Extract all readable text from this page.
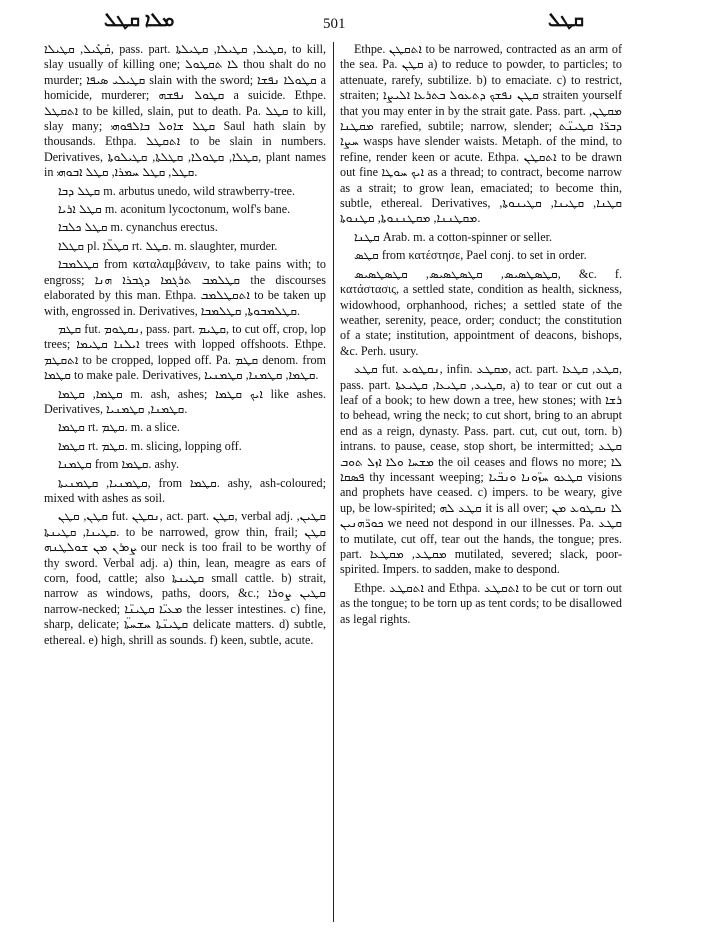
ܡܠܐ ܩܛܠ	501	ܩܛܠ

ܩܰܛܺܝܠ, ܩܛܝܠܐ, pass. part. ܩܛܝܠ, ܩܛܝܠܐ, ܩܛܝܠܬܐ, to kill, slay usually of killing one; ܠܐ ܬܩܛܘܠ thou shalt do no murder; ܩܛܝܠܝ ܣܝܦܐ slain with the sword; ܩܛܘܠܐ ܢܦܫܐ a homicide, murderer; ܩܛܘܠ ܢܦܫܗ a suicide. Ethpe. ܐܬܩܛܠ to be killed, slain, put to death. Pa. ܩܛܠ to kill, slay many; ܩܛܠ ܫܐܘܠ ܒܐܠܦܘܗܝ Saul hath slain by thousands. Ethpa. ܐܬܩܛܠ to be slain in numbers. Derivatives, ܩܛܠܐ, ܩܛܘܠܐ, ܩܛܠܬܐ, ܩܛܝܠܘܬܐ, plant names in ܩܛܠ, ܩܛܠ ܚܡܪܐ, ܩܛܠ ܐܒܘܗܝ.

ܩܛܠ ܕܒܐ m. arbutus unedo, wild strawberry-tree.

ܩܛܠ ܐܪܝܐ m. aconitum lycoctonum, wolf's bane.

ܩܛܠ ܟܠܒܐ m. cynanchus erectus.

ܩܛܠܐ pl. ܩܛܠ̈ܐ rt. ܩܛܠ. m. slaughter, murder.

ܩܛܠܡܒܐ from καταλαμβάνειν, to take pains with; to engross; ܩܛܠܡܒ ܬܪܓܡܐ ܕܓܒܪܐ ܗܢܐ the discourses elaborated by this man. Ethpa. ܐܬܩܛܠܡܒ to be taken up with, engrossed in. Derivatives, ܩܛܠܡܒܘܬܐ, ܩܛܠܡܒܐ.

ܩܛܡ fut. ܢܩܛܘܡ, pass. part. ܩܛܝܡ, to cut off, crop, lop trees; ܐܝܠܢܐ ܩܛܝܡܐ trees with lopped offshoots. Ethpe. ܐܬܩܛܡ to be cropped, lopped off. Pa. ܩܛܡ denom. from ܩܛܡܐ to make pale. Derivatives, ܩܛܡܐ, ܩܛܡܢܐ, ܩܛܡܢܝܐ.

ܩܛܡܐ, ܩܛܡܐ m. ash, ashes; ܐܝܟ ܩܛܡܐ like ashes. Derivatives, ܩܛܡܢܐ, ܩܛܡܢܝܐ.

ܩܛܡܐ rt. ܩܛܡ. m. a slice.

ܩܛܡܐ rt. ܩܛܡ. m. slicing, lopping off.

ܩܛܡܢܐ from ܩܛܡܐ. ashy.

ܩܛܡܢܝܐ, ܩܛܡܢܝܬܐ, from ܩܛܡܐ. ashy, ash-coloured; mixed with ashes as soil.

ܩܛܢ, ܩܛܢ fut. ܢܩܛܢ, act. part. ܩܛܢ, verbal adj. ܩܛܝܢ, ܩܛܝܢܐ, ܩܛܝܢܬܐ. to be narrowed, grow thin, frail; ܩܛܢ ܨܘܪܢ ܡܢ ܫܘܠܛܢܗ our neck is too frail to be worthy of thy sword. Verbal adj. a) thin, lean, meagre as ears of corn, food, cattle; also ܩܛܝܢܬܐ small cattle. b) strait, narrow as windows, paths, doors, &c.; ܩܛܝܢ ܨܘܪܐ narrow-necked; ܡܥܝ̈ܐ ܩܛܝܢ̈ܐ the lesser intestines. c) fine, sharp, delicate; ܩܛܝܢ̈ܬܐ ܚܫܚܬ̈ܐ delicate matters. d) subtle, ethereal. e) high, shrill as sounds. f) keen, subtle, acute.

Ethpe. ܐܬܩܛܢ to be narrowed, contracted as an arm of the sea. Pa. ܩܛܢ a) to reduce to powder, to particles; to attenuate, rarefy, subtilize. b) to emaciate. c) to restrict, straiten; ܩܛܢ ܢܦܫܟ ܕܬܥܘܠ ܒܬܪܥܐ ܐܠܝܨܐ straiten yourself that you may enter in by the strait gate. Pass. part. ܡܩܛܢ, ܡܩܛܢܐ rarefied, subtile; narrow, slender; ܕܒܪ̈ܐ ܩܛܝܢ̈ܬ ܚܨܐ wasps have slender waists. Metaph. of the mind, to refine, render keen or acute. Ethpa. ܐܬܩܛܢ to be drawn out fine ܐܝܟ ܚܘܛܐ as a thread; to contract, become narrow as a strait; to grow lean, emaciated; to become thin, subtle, ethereal. Derivatives, ܩܛܢܐ, ܩܛܝܢܐ, ܩܛܝܢܘܬܐ, ܡܩܛܢܢܐ, ܡܩܛܢܢܘܬܐ, ܩܛܢܘܬܐ.

ܩܛܢܐ Arab. m. a cotton-spinner or seller.

ܩܛܣ from κατέστησε, Pael conj. to set in order.

ܩܛܣܛܣܝܣ, ܩܛܣܛܣܝܣ, ܩܛܣܛܣܝܣ, &c. f. κατάστασις, a settled state, condition as health, sickness, widowhood, orphanhood, riches; a settled state of the weather, serenity, peace, order; conduct; the constitution of a state; institution, appointment of deacons, bishops, &c. Perh. usury.

ܩܛܥ fut. ܢܩܛܘܥ, infin. ܡܩܛܥ, act. part. ܩܛܥ, ܩܛܥܐ, pass. part. ܩܛܝܥ, ܩܛܝܥܐ, ܩܛܝܥܬܐ, a) to tear or cut out a leaf of a book; to hew down a tree, hew stones; with ܪܫܐ to behead, wring the neck; to cut short, bring to an abrupt end as a reign, dynasty. Pass. part. cut, cut out, torn. b) intrans. to pause, cease, stop short, be intermitted; ܩܛܥ ܡܫܚܐ ܘܠܐ ܐܙܠ ܬܘܒ the oil ceases and flows no more; ܠܐ ܦܣܩܐ thy incessant weeping; ܩܛܥܘ ܚܙ̈ܘܢܐ ܘܢܒ̈ܝܐ visions and prophets have ceased. c) impers. to be weary, give up, be low-spirited; ܩܛܥ ܠܗ it is all over; ܠܐ ܢܩܛܘܥ ܡܢ ܟܘܪ̈ܗܢܝܢ we need not despond in our illnesses. Pa. ܩܛܥ to mutilate, cut off, tear out the hands, the tongue; pres. part. ܡܩܛܥ, ܡܩܛܥܐ mutilated, severed; slack, poor-spirited. Impers. to sadden, make to despond.

Ethpe. ܐܬܩܛܥ and Ethpa. ܐܬܩܛܥ to be cut or torn out as the tongue; to be torn up as tent cords; to be disallowed as legal rights.
